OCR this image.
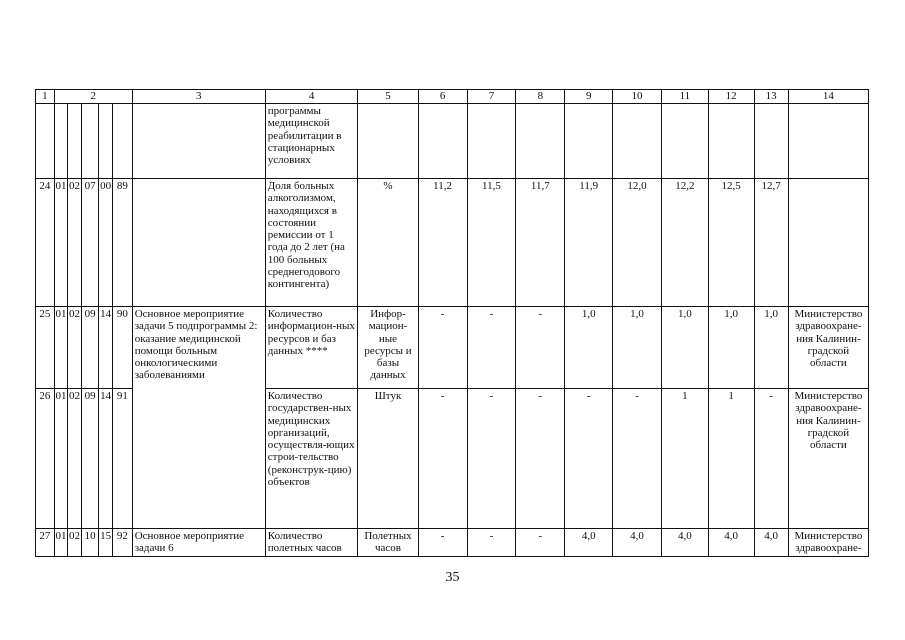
1	2					3	4	5	6	7	8	9	10	11	12	13	14
							программы медицинской реабилитации в стационарных условиях										
24	01	02	07	00	89		Доля больных алкоголизмом, находящихся в состоянии ремиссии от 1 года до 2 лет (на 100 больных среднегодового контингента)	%	11,2	11,5	11,7	11,9	12,0	12,2	12,5	12,7	
25	01	02	09	14	90	Основное мероприятие задачи 5 подпрограммы 2: оказание медицинской помощи больным онкологическими заболеваниями	Количество информацион-ных ресурсов и баз данных ****	Инфор-мацион-ные ресурсы и базы данных	-	-	-	1,0	1,0	1,0	1,0	1,0	Министерство здравоохране-ния Калинин-градской области
26	01	02	09	14	91		Количество государствен-ных медицинских организаций, осуществля-ющих строи-тельство (реконструк-цию) объектов	Штук	-	-	-	-	-	1	1	-	Министерство здравоохране-ния Калинин-градской области
27	01	02	10	15	92	Основное мероприятие задачи 6	Количество полетных часов	Полетных часов	-	-	-	4,0	4,0	4,0	4,0	4,0	Министерство здравоохране-
35
